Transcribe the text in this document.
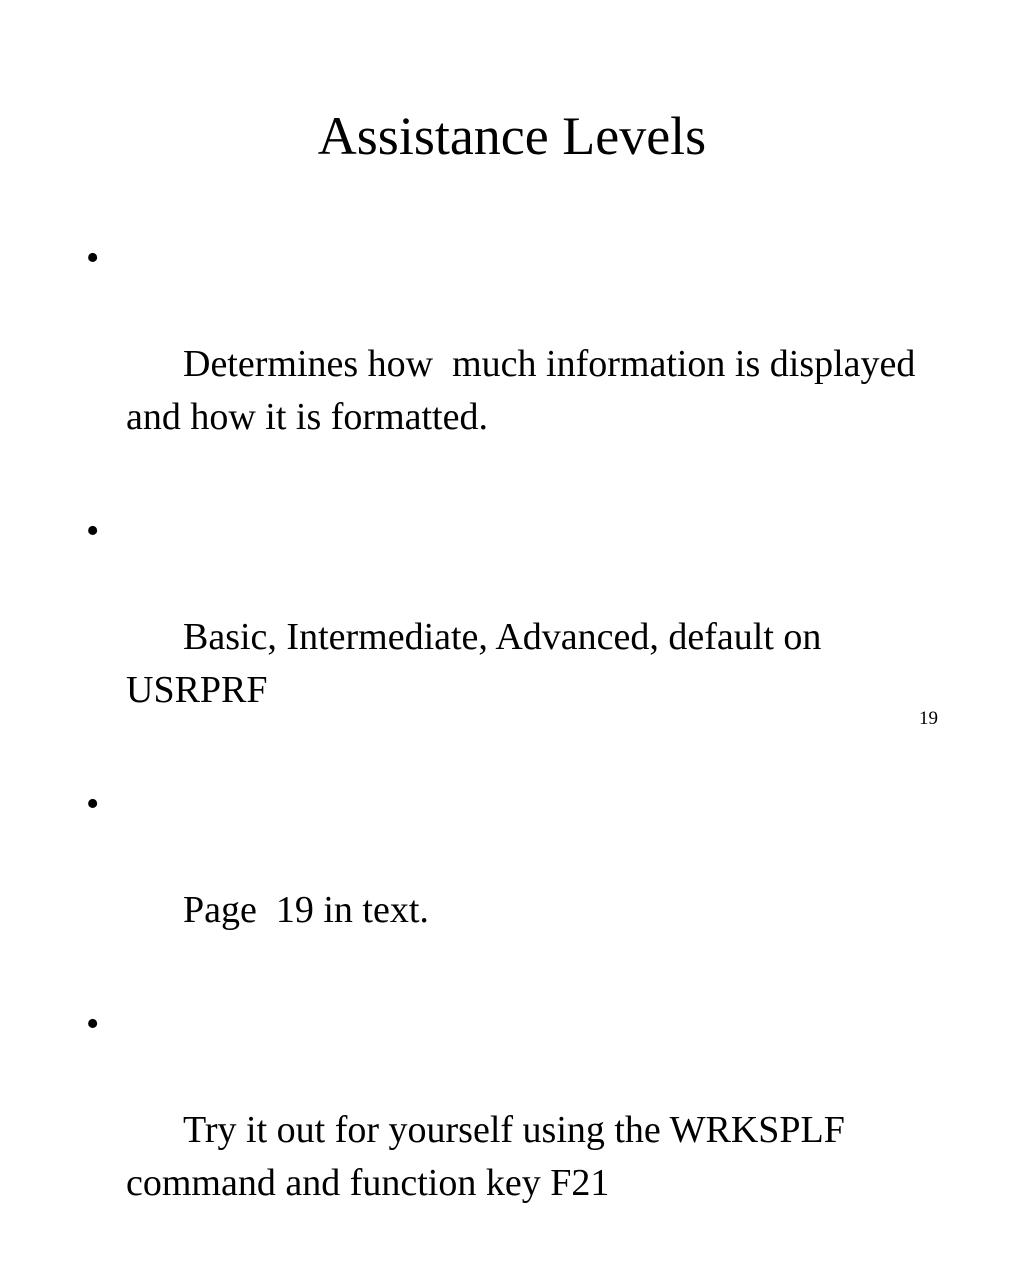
Assistance Levels

•

Determines how  much information is displayed and how it is formatted.

•

Basic, Intermediate, Advanced, default on USRPRF

•

Page  19 in text.

•

Try it out for yourself using the WRKSPLF command and function key F21

19
